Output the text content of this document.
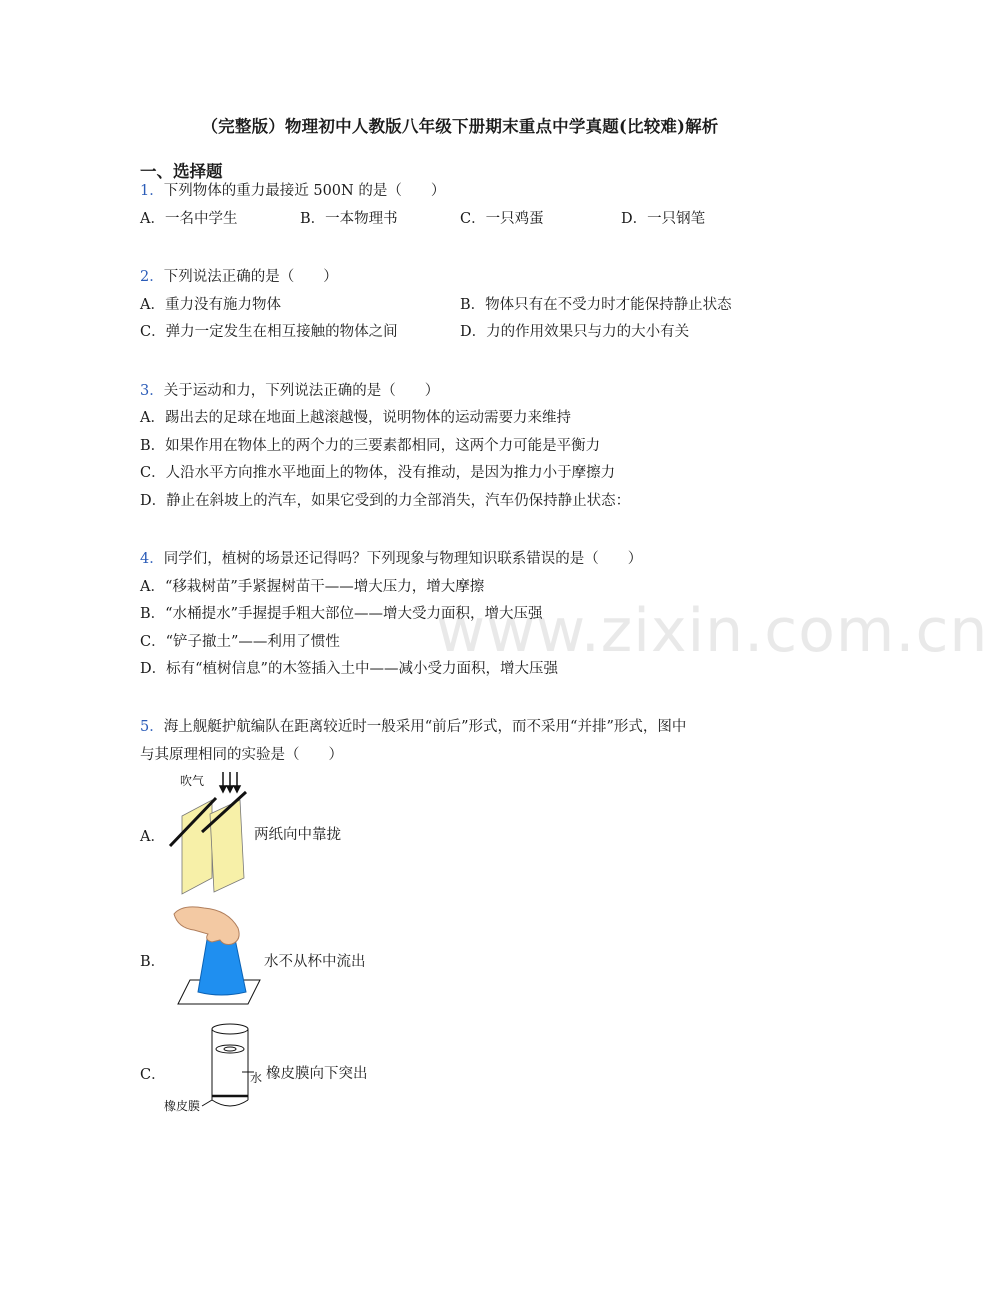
www.zixin.com.cn
（完整版）物理初中人教版八年级下册期末重点中学真题(比较难)解析
一、选择题
1．下列物体的重力最接近 500N 的是（　　）
A．一名中学生	B．一本物理书	C．一只鸡蛋	D．一只钢笔
2．下列说法正确的是（　　）
A．重力没有施力物体	B．物体只有在不受力时才能保持静止状态
C．弹力一定发生在相互接触的物体之间	D．力的作用效果只与力的大小有关
3．关于运动和力，下列说法正确的是（　　）
A．踢出去的足球在地面上越滚越慢，说明物体的运动需要力来维持
B．如果作用在物体上的两个力的三要素都相同，这两个力可能是平衡力
C．人沿水平方向推水平地面上的物体，没有推动，是因为推力小于摩擦力
D．静止在斜坡上的汽车，如果它受到的力全部消失，汽车仍保持静止状态：
4．同学们，植树的场景还记得吗？下列现象与物理知识联系错误的是（　　）
A．“移栽树苗”手紧握树苗干——增大压力，增大摩擦
B．“水桶提水”手握提手粗大部位——增大受力面积，增大压强
C．“铲子撤土”——利用了惯性
D．标有“植树信息”的木签插入土中——减小受力面积，增大压强
5．海上舰艇护航编队在距离较近时一般采用“前后”形式，而不采用“并排”形式，图中
与其原理相同的实验是（　　）
A．
吹气
两纸向中靠拢
B．	水不从杯中流出
C．	水
橡皮膜
橡皮膜向下突出
